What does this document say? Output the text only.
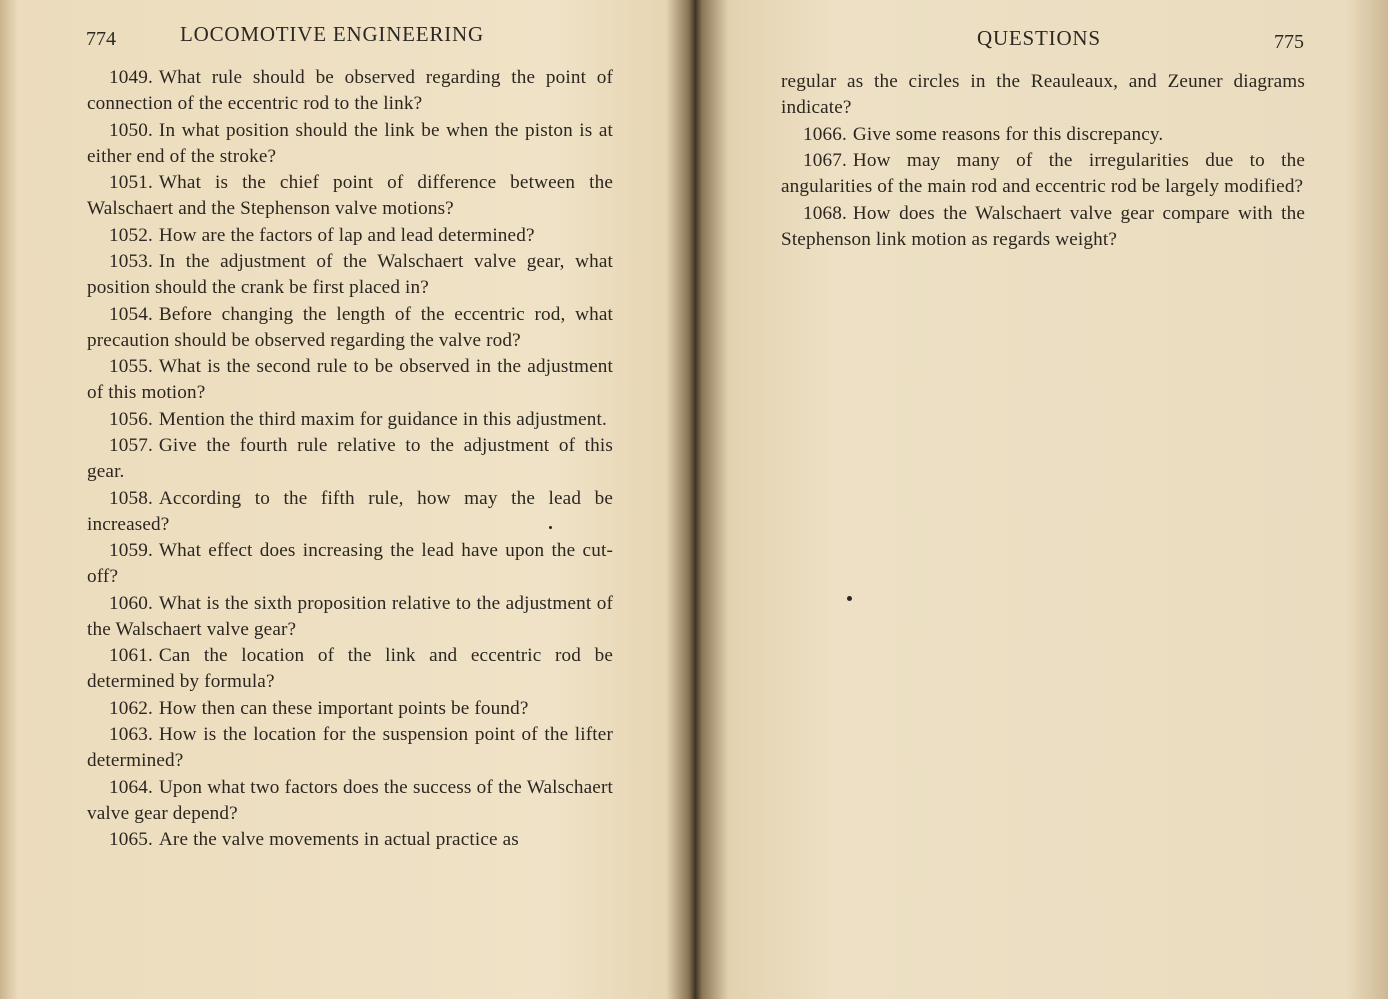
774	LOCOMOTIVE ENGINEERING

1049. What rule should be observed regarding the point of connection of the eccentric rod to the link?

1050. In what position should the link be when the piston is at either end of the stroke?

1051. What is the chief point of difference between the Walschaert and the Stephenson valve motions?

1052. How are the factors of lap and lead determined?

1053. In the adjustment of the Walschaert valve gear, what position should the crank be first placed in?

1054. Before changing the length of the eccentric rod, what precaution should be observed regarding the valve rod?

1055. What is the second rule to be observed in the adjustment of this motion?

1056. Mention the third maxim for guidance in this adjustment.

1057. Give the fourth rule relative to the adjustment of this gear.

1058. According to the fifth rule, how may the lead be increased?

1059. What effect does increasing the lead have upon the cut-off?

1060. What is the sixth proposition relative to the adjustment of the Walschaert valve gear?

1061. Can the location of the link and eccentric rod be determined by formula?

1062. How then can these important points be found?

1063. How is the location for the suspension point of the lifter determined?

1064. Upon what two factors does the success of the Walschaert valve gear depend?

1065. Are the valve movements in actual practice as

QUESTIONS	775

regular as the circles in the Reauleaux, and Zeuner diagrams indicate?

1066. Give some reasons for this discrepancy.

1067. How may many of the irregularities due to the angularities of the main rod and eccentric rod be largely modified?

1068. How does the Walschaert valve gear compare with the Stephenson link motion as regards weight?
